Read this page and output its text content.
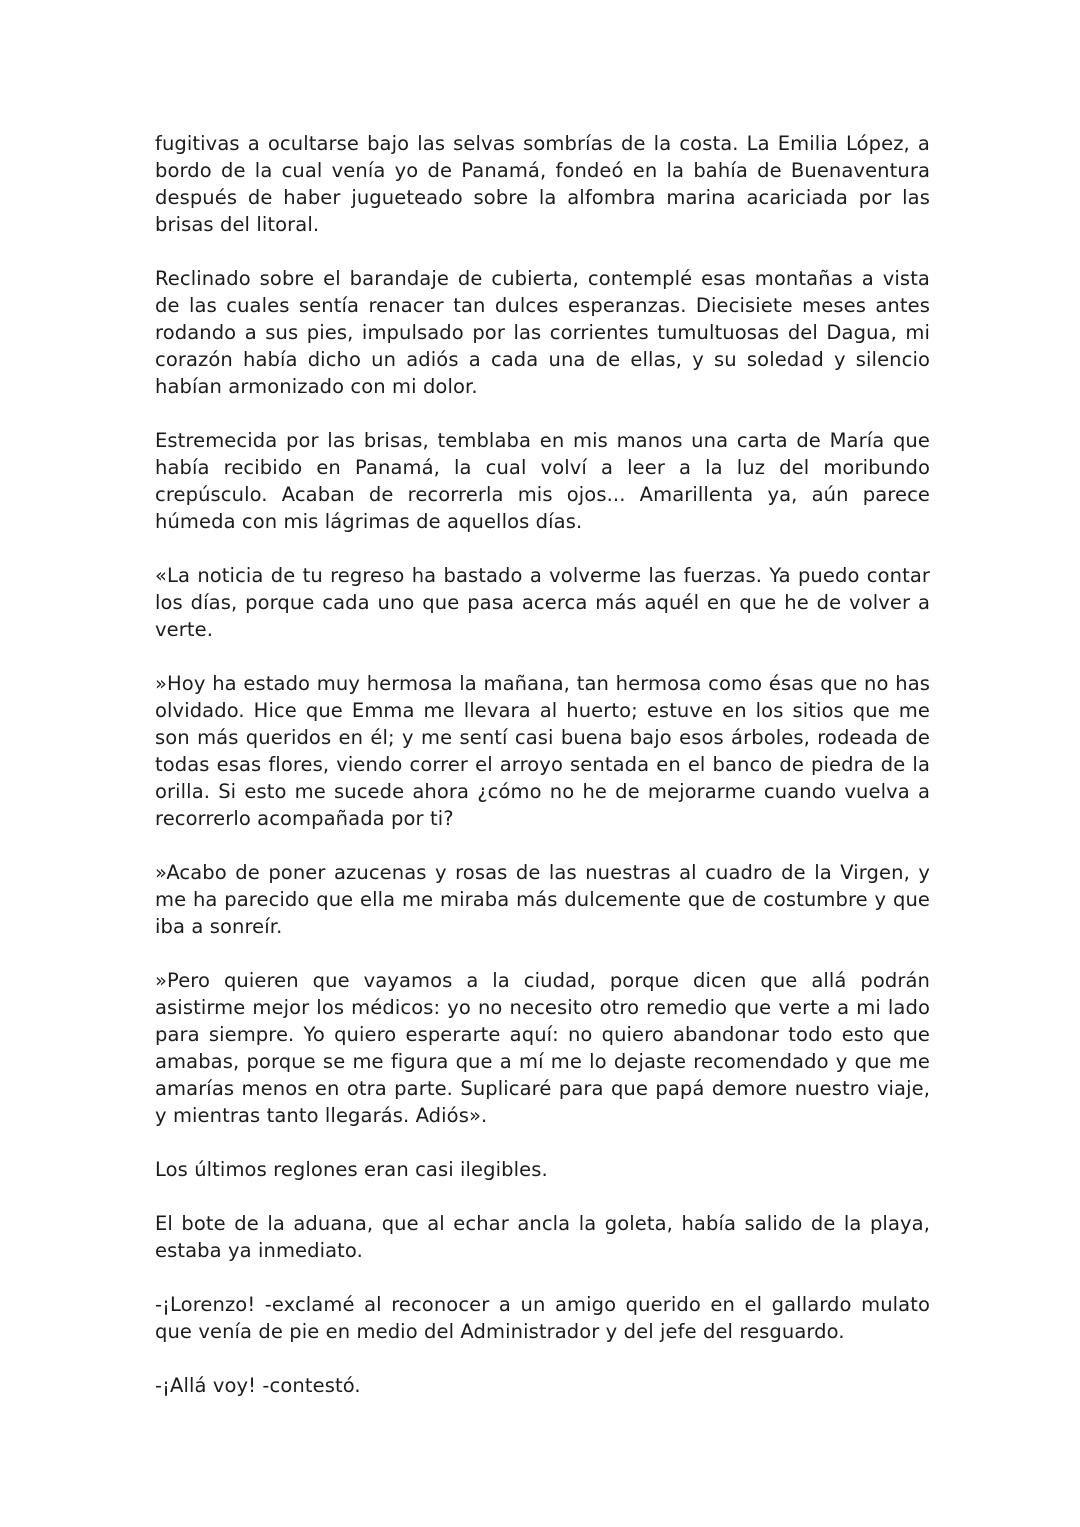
fugitivas a ocultarse bajo las selvas sombrías de la costa. La Emilia López, a bordo de la cual venía yo de Panamá, fondeó en la bahía de Buenaventura después de haber jugueteado sobre la alfombra marina acariciada por las brisas del litoral.

Reclinado sobre el barandaje de cubierta, contemplé esas montañas a vista de las cuales sentía renacer tan dulces esperanzas. Diecisiete meses antes rodando a sus pies, impulsado por las corrientes tumultuosas del Dagua, mi corazón había dicho un adiós a cada una de ellas, y su soledad y silencio habían armonizado con mi dolor.

Estremecida por las brisas, temblaba en mis manos una carta de María que había recibido en Panamá, la cual volví a leer a la luz del moribundo crepúsculo. Acaban de recorrerla mis ojos... Amarillenta ya, aún parece húmeda con mis lágrimas de aquellos días.

«La noticia de tu regreso ha bastado a volverme las fuerzas. Ya puedo contar los días, porque cada uno que pasa acerca más aquél en que he de volver a verte.

»Hoy ha estado muy hermosa la mañana, tan hermosa como ésas que no has olvidado. Hice que Emma me llevara al huerto; estuve en los sitios que me son más queridos en él; y me sentí casi buena bajo esos árboles, rodeada de todas esas flores, viendo correr el arroyo sentada en el banco de piedra de la orilla. Si esto me sucede ahora ¿cómo no he de mejorarme cuando vuelva a recorrerlo acompañada por ti?

»Acabo de poner azucenas y rosas de las nuestras al cuadro de la Virgen, y me ha parecido que ella me miraba más dulcemente que de costumbre y que iba a sonreír.

»Pero quieren que vayamos a la ciudad, porque dicen que allá podrán asistirme mejor los médicos: yo no necesito otro remedio que verte a mi lado para siempre. Yo quiero esperarte aquí: no quiero abandonar todo esto que amabas, porque se me figura que a mí me lo dejaste recomendado y que me amarías menos en otra parte. Suplicaré para que papá demore nuestro viaje, y mientras tanto llegarás. Adiós».

Los últimos reglones eran casi ilegibles.

El bote de la aduana, que al echar ancla la goleta, había salido de la playa, estaba ya inmediato.

-¡Lorenzo! -exclamé al reconocer a un amigo querido en el gallardo mulato que venía de pie en medio del Administrador y del jefe del resguardo.

-¡Allá voy! -contestó.
